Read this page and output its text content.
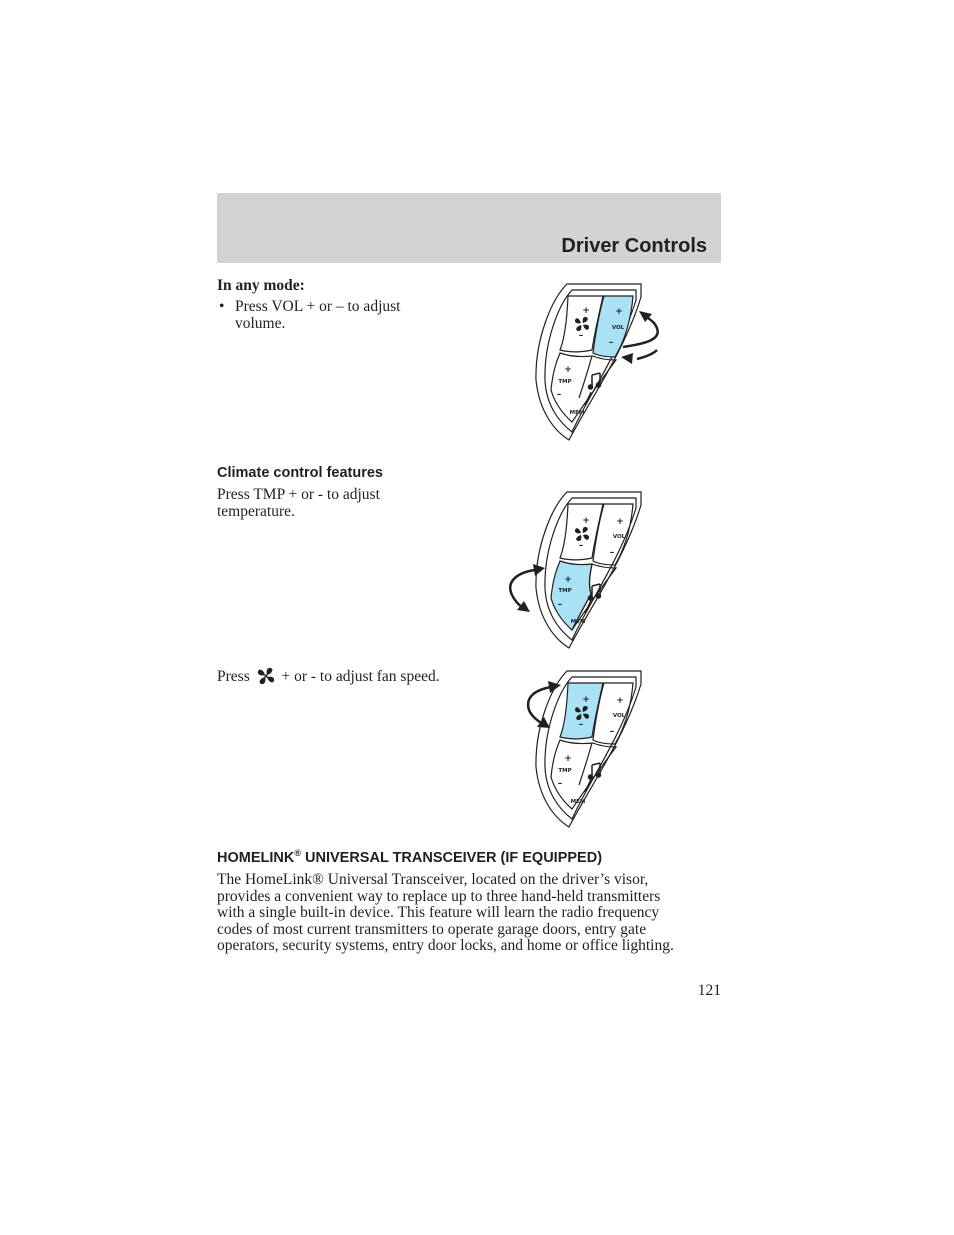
Driver Controls
In any mode:
• Press VOL + or – to adjust
volume.
Climate control features
Press TMP + or - to adjust
temperature.
Press + or - to adjust fan speed.
+	+
VOL
–
–
+
TMP
–
MEM
+	+
VOL
–
–
+
TMP
–
MEM
+	+
VOL
–
–
+
TMP
–
MEM
HOMELINK® UNIVERSAL TRANSCEIVER (IF EQUIPPED)
The HomeLink® Universal Transceiver, located on the driver’s visor,
provides a convenient way to replace up to three hand-held transmitters
with a single built-in device. This feature will learn the radio frequency
codes of most current transmitters to operate garage doors, entry gate
operators, security systems, entry door locks, and home or office lighting.
121
